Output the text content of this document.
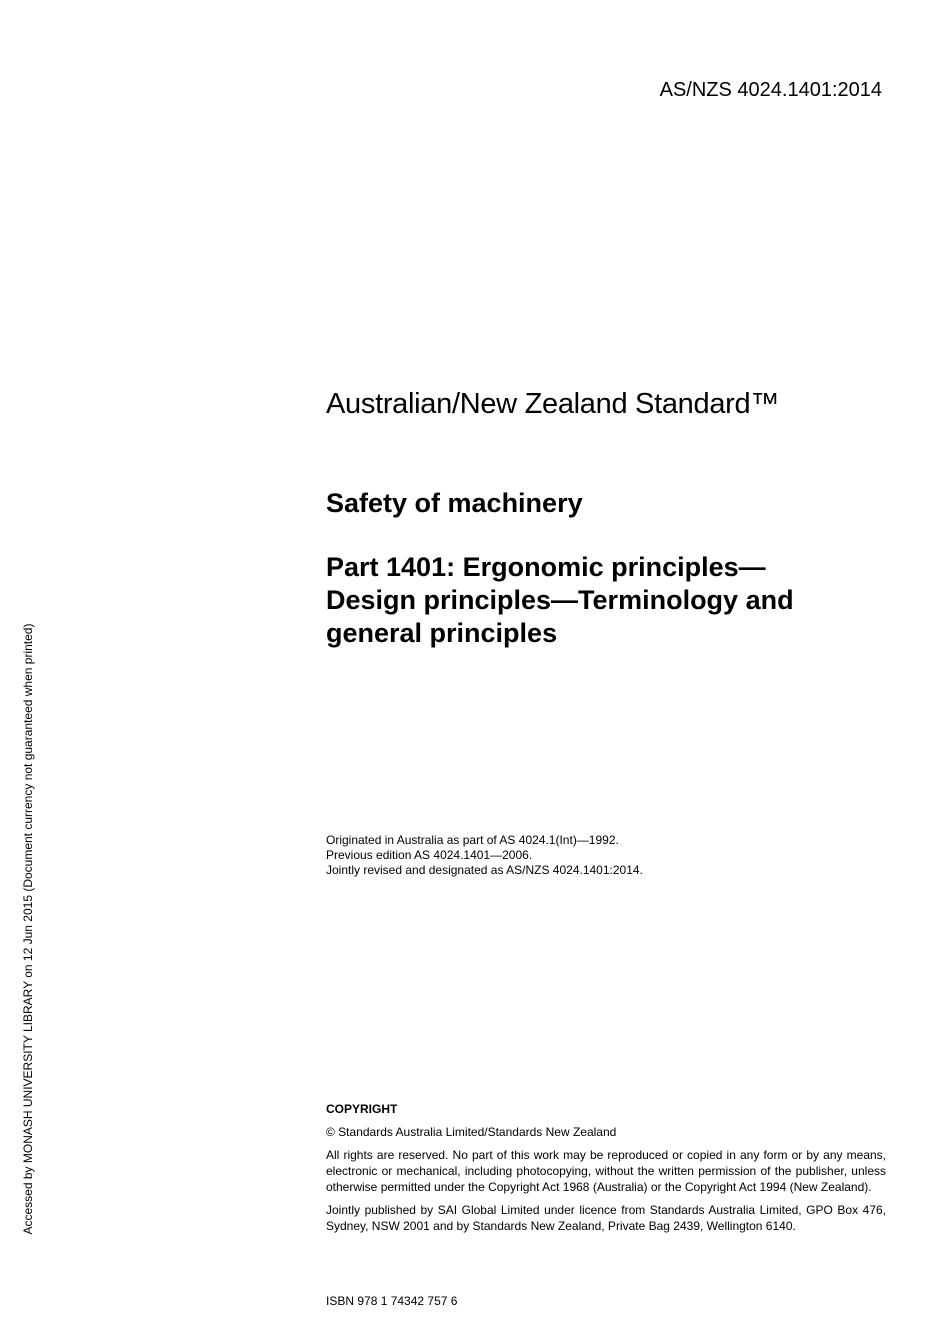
AS/NZS 4024.1401:2014
Australian/New Zealand Standard™
Safety of machinery
Part 1401: Ergonomic principles—
Design principles—Terminology and
general principles
Originated in Australia as part of AS 4024.1(Int)—1992.
Previous edition AS 4024.1401—2006.
Jointly revised and designated as AS/NZS 4024.1401:2014.
COPYRIGHT

© Standards Australia Limited/Standards New Zealand

All rights are reserved. No part of this work may be reproduced or copied in any form or by any means, electronic or mechanical, including photocopying, without the written permission of the publisher, unless otherwise permitted under the Copyright Act 1968 (Australia) or the Copyright Act 1994 (New Zealand).

Jointly published by SAI Global Limited under licence from Standards Australia Limited, GPO Box 476, Sydney, NSW 2001 and by Standards New Zealand, Private Bag 2439, Wellington 6140.

ISBN 978 1 74342 757 6
Accessed by MONASH UNIVERSITY LIBRARY on 12 Jun 2015 (Document currency not guaranteed when printed)
